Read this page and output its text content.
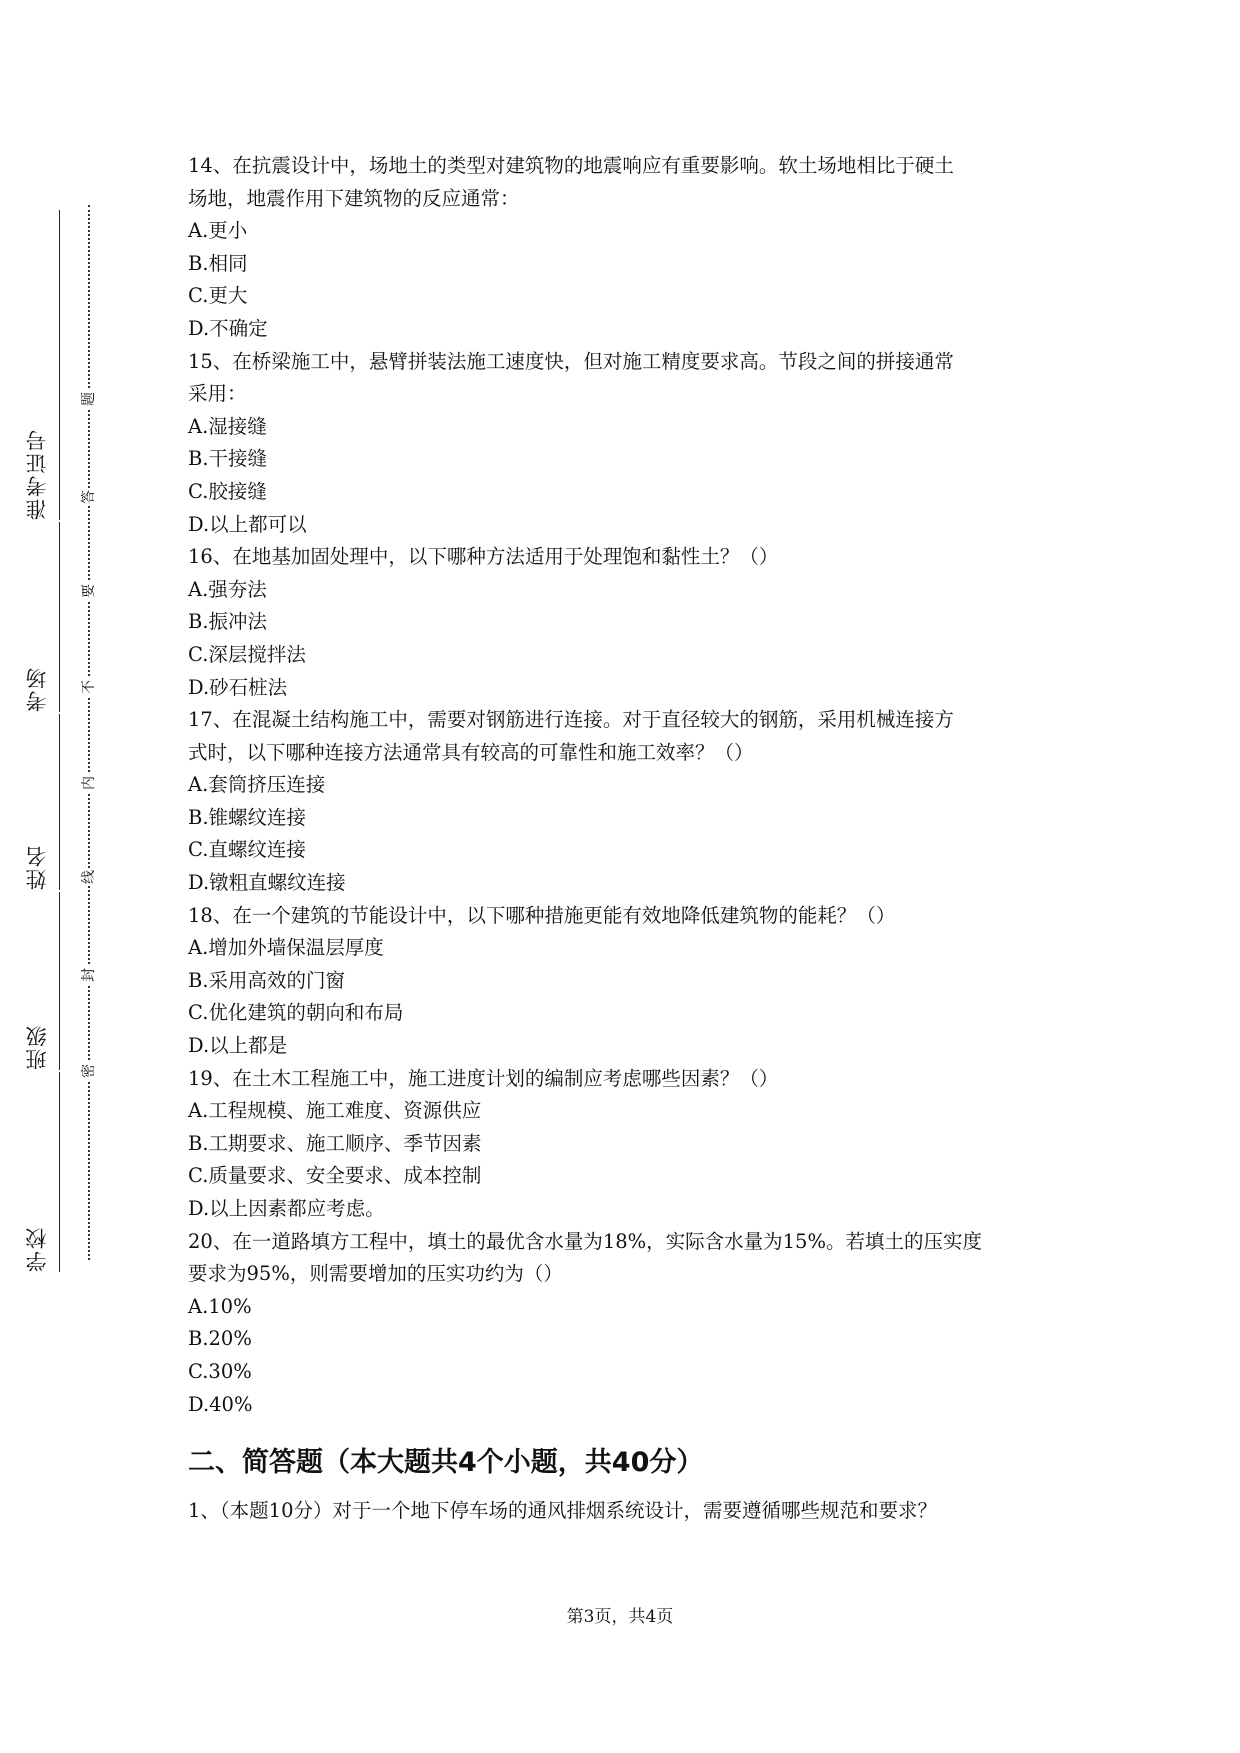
准考证号
考场
姓名
班级
学校
题
答
要
不
内
线
封
密
14、在抗震设计中，场地土的类型对建筑物的地震响应有重要影响。软土场地相比于硬土
场地，地震作用下建筑物的反应通常：
A.更小
B.相同
C.更大
D.不确定
15、在桥梁施工中，悬臂拼装法施工速度快，但对施工精度要求高。节段之间的拼接通常
采用：
A.湿接缝
B.干接缝
C.胶接缝
D.以上都可以
16、在地基加固处理中，以下哪种方法适用于处理饱和黏性土？（）
A.强夯法
B.振冲法
C.深层搅拌法
D.砂石桩法
17、在混凝土结构施工中，需要对钢筋进行连接。对于直径较大的钢筋，采用机械连接方
式时，以下哪种连接方法通常具有较高的可靠性和施工效率？（）
A.套筒挤压连接
B.锥螺纹连接
C.直螺纹连接
D.镦粗直螺纹连接
18、在一个建筑的节能设计中，以下哪种措施更能有效地降低建筑物的能耗？（）
A.增加外墙保温层厚度
B.采用高效的门窗
C.优化建筑的朝向和布局
D.以上都是
19、在土木工程施工中，施工进度计划的编制应考虑哪些因素？（）
A.工程规模、施工难度、资源供应
B.工期要求、施工顺序、季节因素
C.质量要求、安全要求、成本控制
D.以上因素都应考虑。
20、在一道路填方工程中，填土的最优含水量为18%，实际含水量为15%。若填土的压实度
要求为95%，则需要增加的压实功约为（）
A.10%
B.20%
C.30%
D.40%
二、简答题（本大题共4个小题，共40分）
1、（本题10分）对于一个地下停车场的通风排烟系统设计，需要遵循哪些规范和要求？
第3页，共4页
